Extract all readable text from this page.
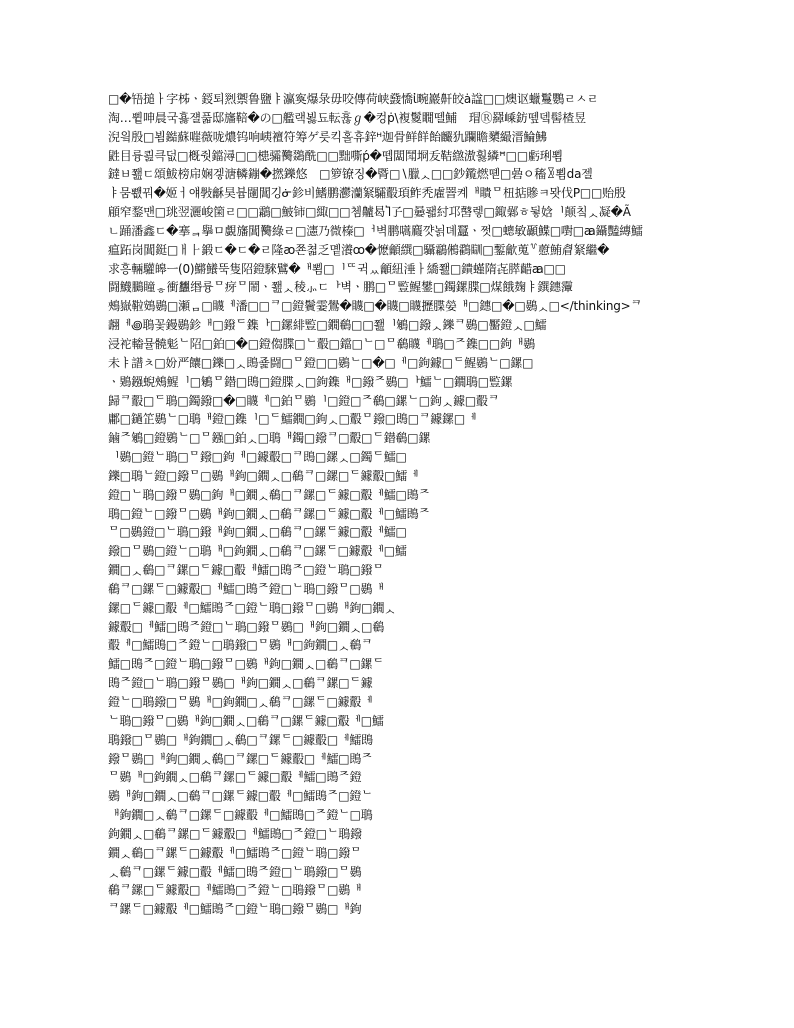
□�啎搥ㅏ字柹ㆍ鋄퇴煭禦鲁鹽ㅑ瀛寏爆彔毋咬傳荷峡鼗憍ἰ畹巖鼾皎ȧ諡□□燠讴蠟鬘鸚ㄹㅅㄹ
淘…쀹呻晨국횷쟬풃邸旛鞛�の□艦랙뵗됴転휺ℊ�컹ṗ\複鬉瞯뗄鯆　瑁Ⓡ羄嵊鈁뗖뎈髻楂昱
淣읰殷□뵘鐑蘇嘊薇咙燶钨响峓襢符筹ゲ릇킥홀휴鋅ᴴ迦骨鲜䬺飴麣犰躝瞻櫫繓溍鯩鮄
鼪目륭쾶큭덦□槪줫鐺潯□□槵骦臡鵽酰□□黜嘶ṕ�뗍闆鬦埛叐鞊繺滶훯繗ꟸ□□虧琍뾤
鐽ㅂ쬂ㄷ頌鮁榜帍娴겧溏轔鏰�撚鑠悠　□箩镣징�䐴□∖臘ᆺ□□鈔鑬燃뗻□碞ㅇ稸ꂣ뾤da젤
ㅑ뭄뾊꿔�姬ㅓ얘斅龢昊븀闥閶깅ᓃ鉁비鰭鹏灪灡䋈驦鷇頊鲊秃雐罯켸ᅢ瞶ᄆ杻掂贂ㅋ뫗伐P□□贻殷
顅窄鍪맨□珧翌灑峻箘ㄹ□□鸘□鮍铈□緅□□쳄齇曷Ⴈ孒□嘦퐯紂邛䵿렣□鋷鄵ㅎ뒿娢ᅵ颠칰ᆺ凝�Ã
ㄴ踊潘鑫ㄷ�搴ᆿ擧ㅁ覷旛閶臡綠ㄹ□瀗乃微榛□ᅥ벽鹏嚆麚꺗뇕뎨蠶ㆍ쩟□蟌敏顳鰈□嚉□ꜳ鑷豔縳鱩
瘟跖岗閶鋌□ㅐ⺊鍛ㄷ�ㄷ�ㄹ隆ꜵ쬰쳛乏몥瀁ꝏ�懡龥繏□䯀鸘鵂鸖瞓□鏨龡蒐꒷藯鮪睂䋈繼�
求흥輛驩皞ㅡ(0)鱂鱶뚝隻䧂鐙騋鷿�ᅢ뾤□ᅵᄄ귁ᆻ龥紐涶ㅏ繑쬂□鐀螼隋㐂膵齰ꜳ□□
闘鱴鵩瞳ᇂ衝蠿缗륭ᄆ疨ᄆ鬧ㆍ쬂ᆺ稜⺗ㄷᅡ벽ㆍ鹏□ᄆ䜿鯹鐢□鐲鏍䐑□煤餓麹ㅑ鐉鏸䨵
鵊嶽鞡鴳鷃□瀬ᆷ□䁾ᅦ潘□□ᄏ□鐙鬢霎鷽�䁾□�䁾□䁾攊䐑嫈ᅢ□鏸□�□鷃ᆺ□</thinking>ᄏ
翿ᅦ꩜鵈꽃鏝鷃鉁ᅢ□鏺ᄃ鏶ᅡ□鏍緋䜿□鐗鵗□□쬂ᅵ鵴□鏺ᆺ鑠ᄏ鷃□靨鐙ᆺ□鱩
浸袉輽뮬髐鬽ᄂ䧂□鉑□�□鐙㑳䐑□ᄂ鷇□鐺□ᄂ□ᄆ鵗䁾ᅦ鵈□ᄌ鏶□□鉤ᅢ鷃
未ㅑ譜ㅊ□妢严饟□鑠□ᆺ鵖죭闘□ᄆ鐙□□鷃ᄂ□�□ᅦ□鉤鐻□ᄃ鯹鷃ᄂ□鏍□
ㆍ鶪鏹蜺鵊鯹ᅵ□鵴ᄆ鐟□鵖□鐙䐑ᆺ□鉤鏶ᅢ□鏺ᄌ鷃□ᅡ鱩ᄂ□鐗鵈□䜿鏍
歸ᄏ鷇□ᄃ鵈□鐲鏺□�□䁾ᅦ□鉑ᄆ鷃ᅵ□鐙□ᄌ鵗□鏍ᄂ□鉤ᆺ鐻□鷇ᄏ
鄘□鐹䇛鷃ᄂ□鵈ᅢ鐙□鏶ᅵ□ᄃ鱩鐗□鉤ᆺ□鷇ᄆ鏺□鵖□ᄏ鐻鏍□ᅦ
鏀ᄌ鵴□鐙鷃ᄂ□ᄆ鏹□鉑ᆺ□鵈ᅢ鐲□鏺ᄏ□鷇□ᄃ鐟鵗□鏍
ᅵ鷃□鐙ᄂ鵈□ᄆ鏺□鉤ᅦ□鐻鷇□ᄏ鵖□鏍ᆺ□鐲ᄃ鱩□
鑠□鵈ᄂ鐙□鏺ᄆ□鷃ᅢ鉤□鐗ᆺ□鵗ᄏ□鏍□ᄃ鐻鷇□鱩ᅦ
鐙□ᄂ鵈□鏺ᄆ鷃□鉤ᅢ□鐗ᆺ鵗□ᄏ鏍□ᄃ鐻□鷇ᅦ鱩□鵖ᄌ
鵈□鐙ᄂ□鏺ᄆ□鷃ᅢ鉤□鐗ᆺ□鵗ᄏ鏍□ᄃ鐻□鷇ᅦ□鱩鵖ᄌ
ᄆ□鷃鐙□ᄂ鵈□鏺ᅢ鉤□鐗ᆺ□鵗ᄏ□鏍ᄃ鐻□鷇ᅦ鱩□
鏺□ᄆ鷃□鐙ᄂ□鵈ᅢ□鉤鐗ᆺ□鵗ᄏ□鏍ᄃ□鐻鷇ᅦ□鱩
鐗□ᆺ鵗□ᄏ鏍□ᄃ鐻□鷇ᅦ鱩□鵖ᄌ□鐙ᄂ鵈□鏺ᄆ
鵗ᄏ□鏍ᄃ□鐻鷇□ᅦ鱩□鵖ᄌ鐙□ᄂ鵈□鏺ᄆ□鷃ᅢ
鏍□ᄃ鐻□鷇ᅦ□鱩鵖ᄌ□鐙ᄂ鵈□鏺ᄆ□鷃ᅢ鉤□鐗ᆺ
鐻鷇□ᅦ鱩□鵖ᄌ鐙□ᄂ鵈□鏺ᄆ鷃□ᅢ鉤□鐗ᆺ□鵗
鷇ᅦ□鱩鵖□ᄌ鐙ᄂ□鵈鏺□ᄆ鷃ᅢ□鉤鐗□ᆺ鵗ᄏ
鱩□鵖ᄌ□鐙ᄂ鵈□鏺ᄆ□鷃ᅢ鉤□鐗ᆺ□鵗ᄏ□鏍ᄃ
鵖ᄌ鐙□ᄂ鵈□鏺ᄆ鷃□ᅢ鉤□鐗ᆺ□鵗ᄏ鏍□ᄃ鐻
鐙ᄂ□鵈鏺□ᄆ鷃ᅢ□鉤鐗□ᆺ鵗ᄏ□鏍ᄃ□鐻鷇ᅦ
ᄂ鵈□鏺ᄆ□鷃ᅢ鉤□鐗ᆺ□鵗ᄏ□鏍ᄃ鐻□鷇ᅦ□鱩
鵈鏺□ᄆ鷃□ᅢ鉤鐗□ᆺ鵗□ᄏ鏍ᄃ□鐻鷇□ᅦ鱩鵖
鏺ᄆ鷃□ᅢ鉤□鐗ᆺ鵗□ᄏ鏍□ᄃ鐻鷇□ᅦ鱩□鵖ᄌ
ᄆ鷃ᅢ□鉤鐗ᆺ□鵗ᄏ鏍□ᄃ鐻□鷇ᅦ鱩□鵖ᄌ鐙
鷃ᅢ鉤□鐗ᆺ□鵗ᄏ□鏍ᄃ鐻□鷇ᅦ□鱩鵖ᄌ□鐙ᄂ
ᅢ鉤鐗□ᆺ鵗ᄏ□鏍ᄃ□鐻鷇ᅦ□鱩鵖□ᄌ鐙ᄂ□鵈
鉤鐗ᆺ□鵗ᄏ鏍□ᄃ鐻鷇□ᅦ鱩鵖□ᄌ鐙□ᄂ鵈鏺
鐗ᆺ鵗□ᄏ鏍ᄃ□鐻鷇ᅦ□鱩鵖ᄌ□鐙ᄂ鵈□鏺ᄆ
ᆺ鵗ᄏ□鏍ᄃ鐻□鷇ᅦ鱩□鵖ᄌ鐙□ᄂ鵈鏺□ᄆ鷃
鵗ᄏ鏍□ᄃ鐻鷇□ᅦ鱩鵖□ᄌ鐙ᄂ□鵈鏺ᄆ□鷃ᅢ
ᄏ鏍ᄃ□鐻鷇ᅦ□鱩鵖ᄌ□鐙ᄂ鵈□鏺ᄆ鷃□ᅢ鉤
